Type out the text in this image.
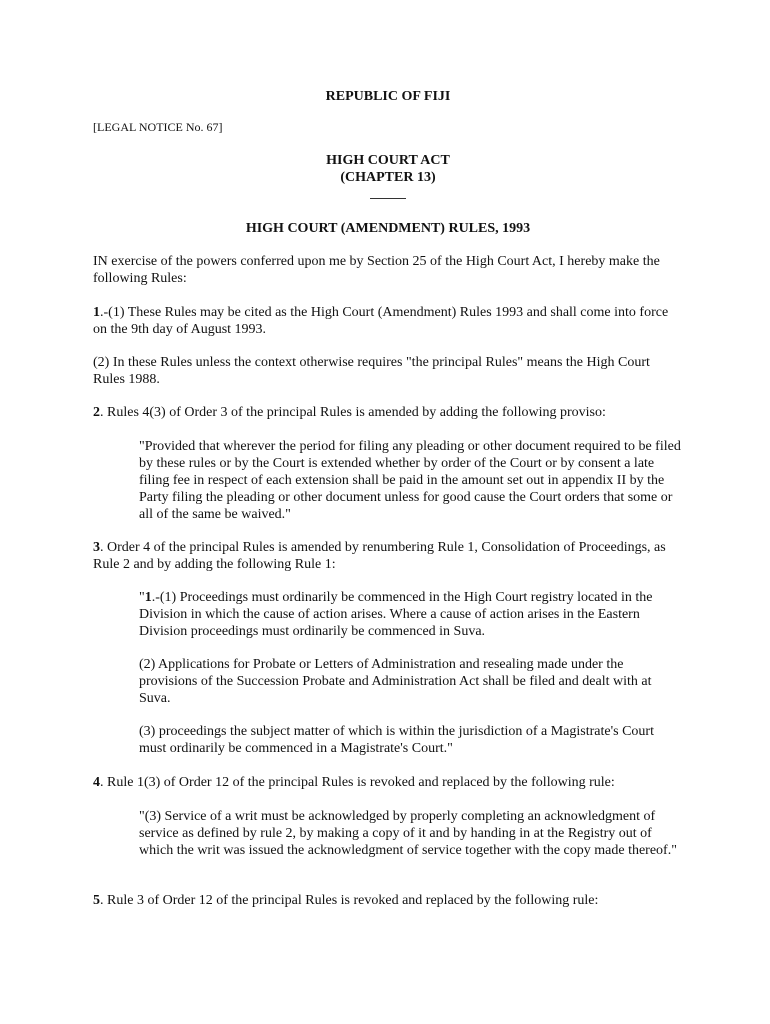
REPUBLIC OF FIJI
[LEGAL NOTICE No. 67]
HIGH COURT ACT
(CHAPTER 13)
HIGH COURT (AMENDMENT) RULES, 1993

IN exercise of the powers conferred upon me by Section 25 of the High Court Act, I hereby make the following Rules:

1.-(1) These Rules may be cited as the High Court (Amendment) Rules 1993 and shall come into force on the 9th day of August 1993.

(2) In these Rules unless the context otherwise requires "the principal Rules" means the High Court Rules 1988.

2. Rules 4(3) of Order 3 of the principal Rules is amended by adding the following proviso:

"Provided that wherever the period for filing any pleading or other document required to be filed by these rules or by the Court is extended whether by order of the Court or by consent a late filing fee in respect of each extension shall be paid in the amount set out in appendix II by the Party filing the pleading or other document unless for good cause the Court orders that some or all of the same be waived."

3. Order 4 of the principal Rules is amended by renumbering Rule 1, Consolidation of Proceedings, as Rule 2 and by adding the following Rule 1:

"1.-(1) Proceedings must ordinarily be commenced in the High Court registry located in the Division in which the cause of action arises. Where a cause of action arises in the Eastern Division proceedings must ordinarily be commenced in Suva.

(2) Applications for Probate or Letters of Administration and resealing made under the provisions of the Succession Probate and Administration Act shall be filed and dealt with at Suva.

(3) proceedings the subject matter of which is within the jurisdiction of a Magistrate's Court must ordinarily be commenced in a Magistrate's Court."

4. Rule 1(3) of Order 12 of the principal Rules is revoked and replaced by the following rule:

"(3) Service of a writ must be acknowledged by properly completing an acknowledgment of service as defined by rule 2, by making a copy of it and by handing in at the Registry out of which the writ was issued the acknowledgment of service together with the copy made thereof."

5. Rule 3 of Order 12 of the principal Rules is revoked and replaced by the following rule:
